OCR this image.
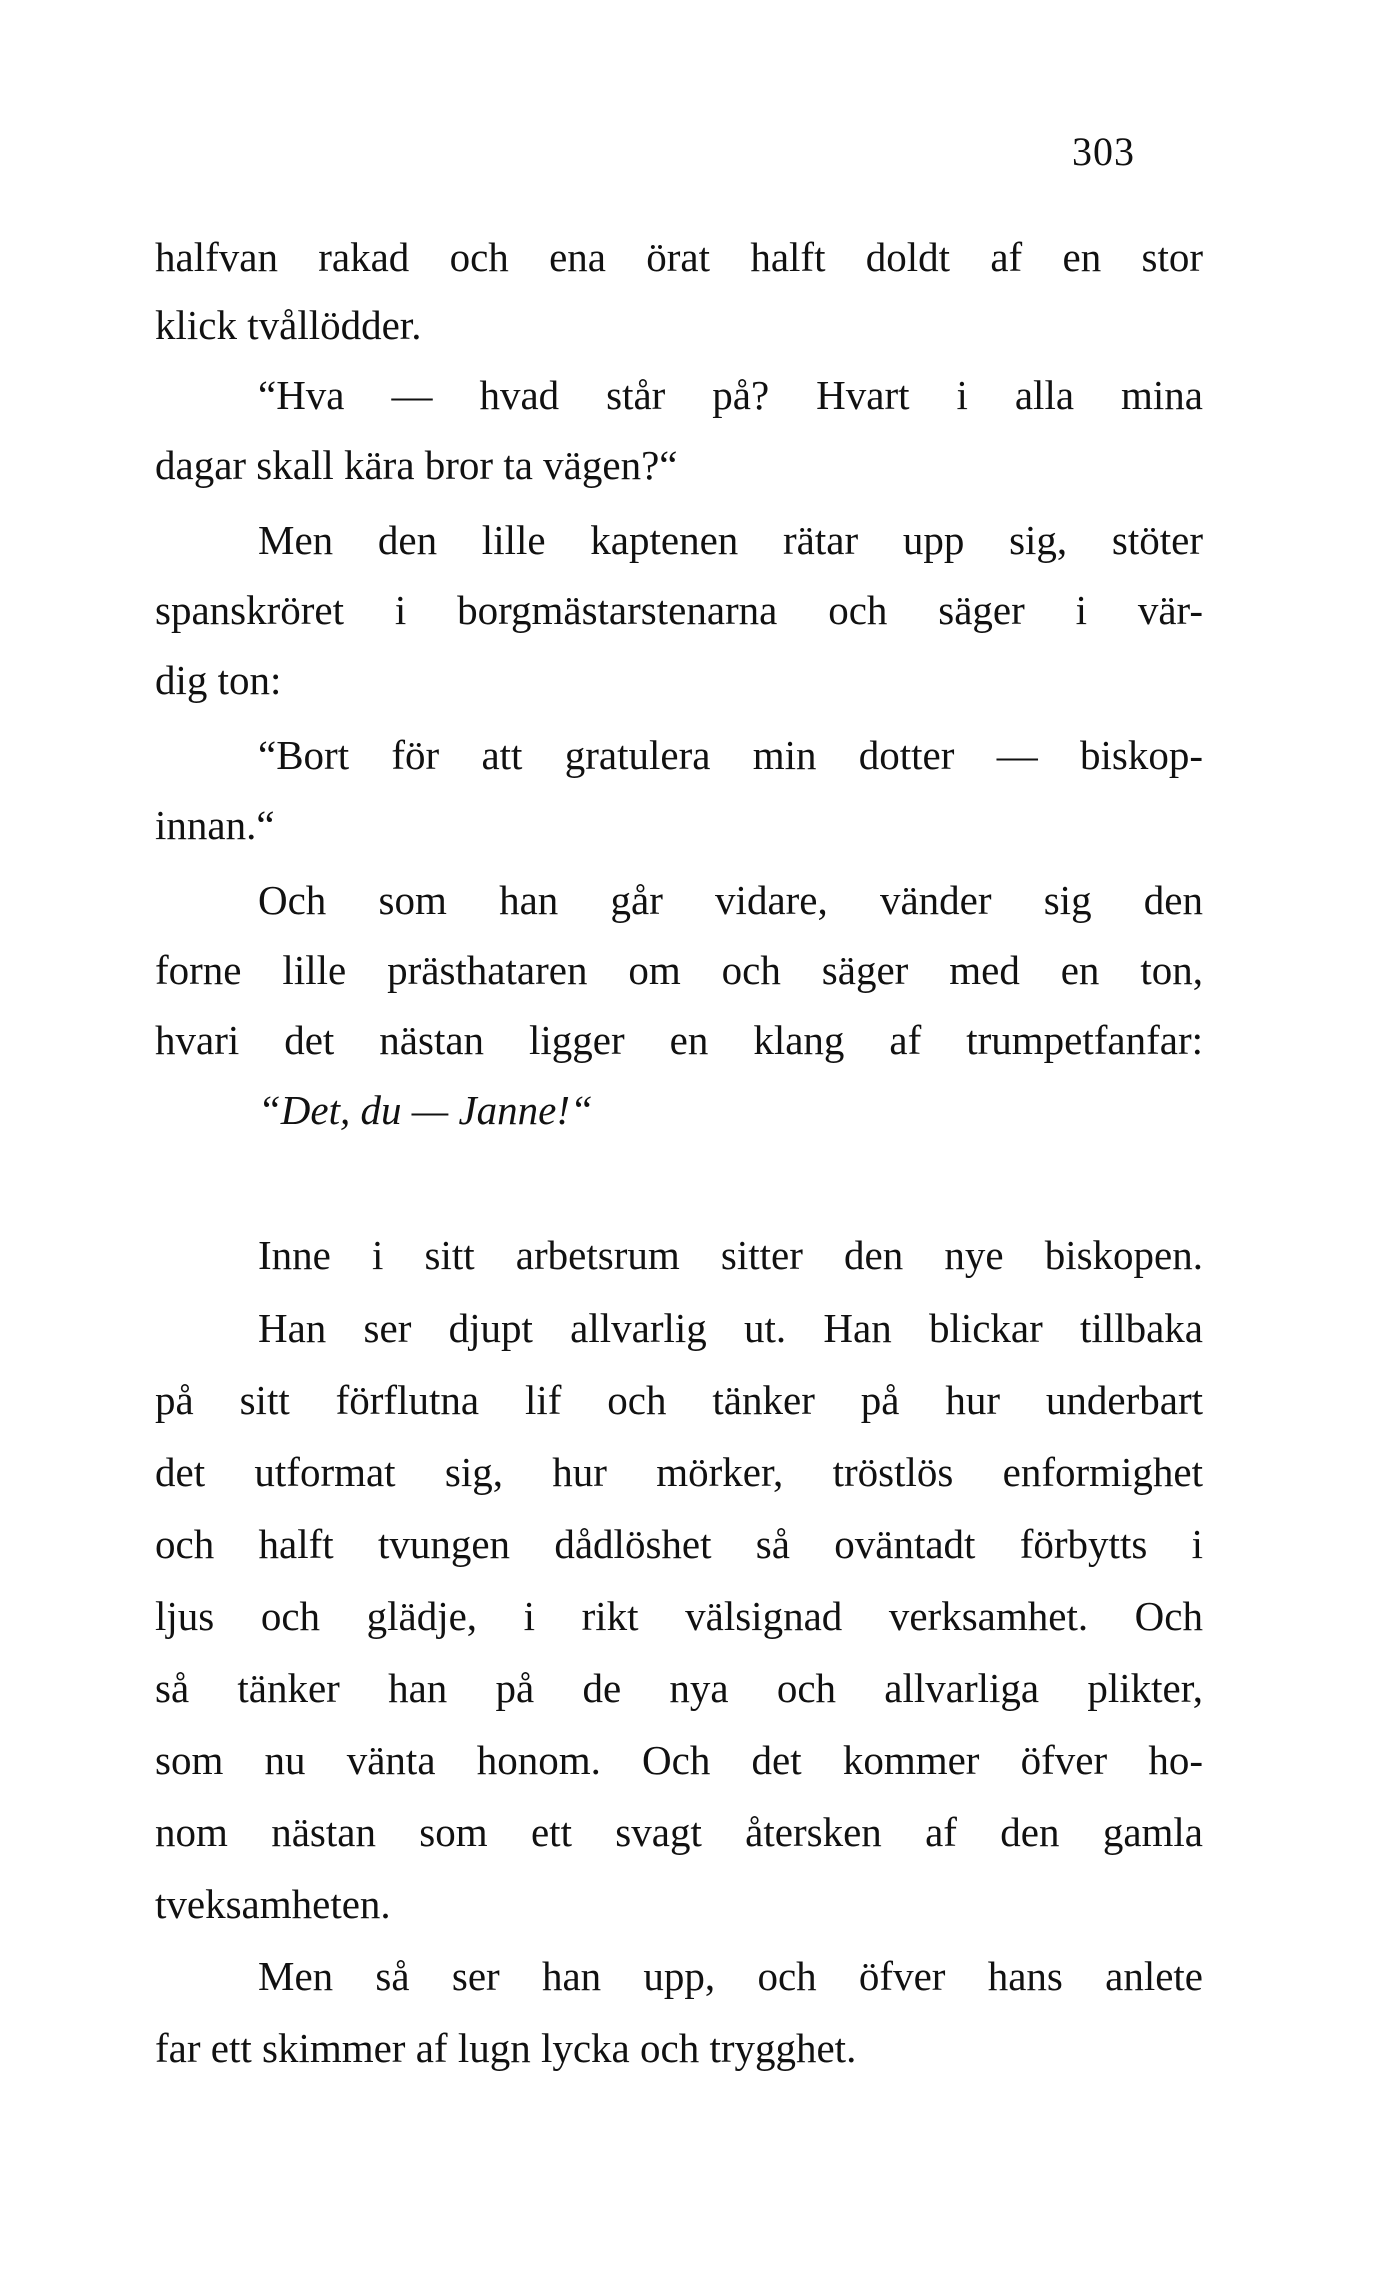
303
halfvan rakad och ena örat halft doldt af en stor
klick tvållödder.
“Hva — hvad står på? Hvart i alla mina
dagar skall kära bror ta vägen?“
Men den lille kaptenen rätar upp sig, stöter
spanskröret i borgmästarstenarna och säger i vär-
dig ton:
“Bort för att gratulera min dotter — biskop-
innan.“
Och som han går vidare, vänder sig den
forne lille prästhataren om och säger med en ton,
hvari det nästan ligger en klang af trumpetfanfar:
“Det, du — Janne!“
Inne i sitt arbetsrum sitter den nye biskopen.
Han ser djupt allvarlig ut. Han blickar tillbaka
på sitt förflutna lif och tänker på hur underbart
det utformat sig, hur mörker, tröstlös enformighet
och halft tvungen dådlöshet så oväntadt förbytts i
ljus och glädje, i rikt välsignad verksamhet. Och
så tänker han på de nya och allvarliga plikter,
som nu vänta honom. Och det kommer öfver ho-
nom nästan som ett svagt återsken af den gamla
tveksamheten.
Men så ser han upp, och öfver hans anlete
far ett skimmer af lugn lycka och trygghet.
